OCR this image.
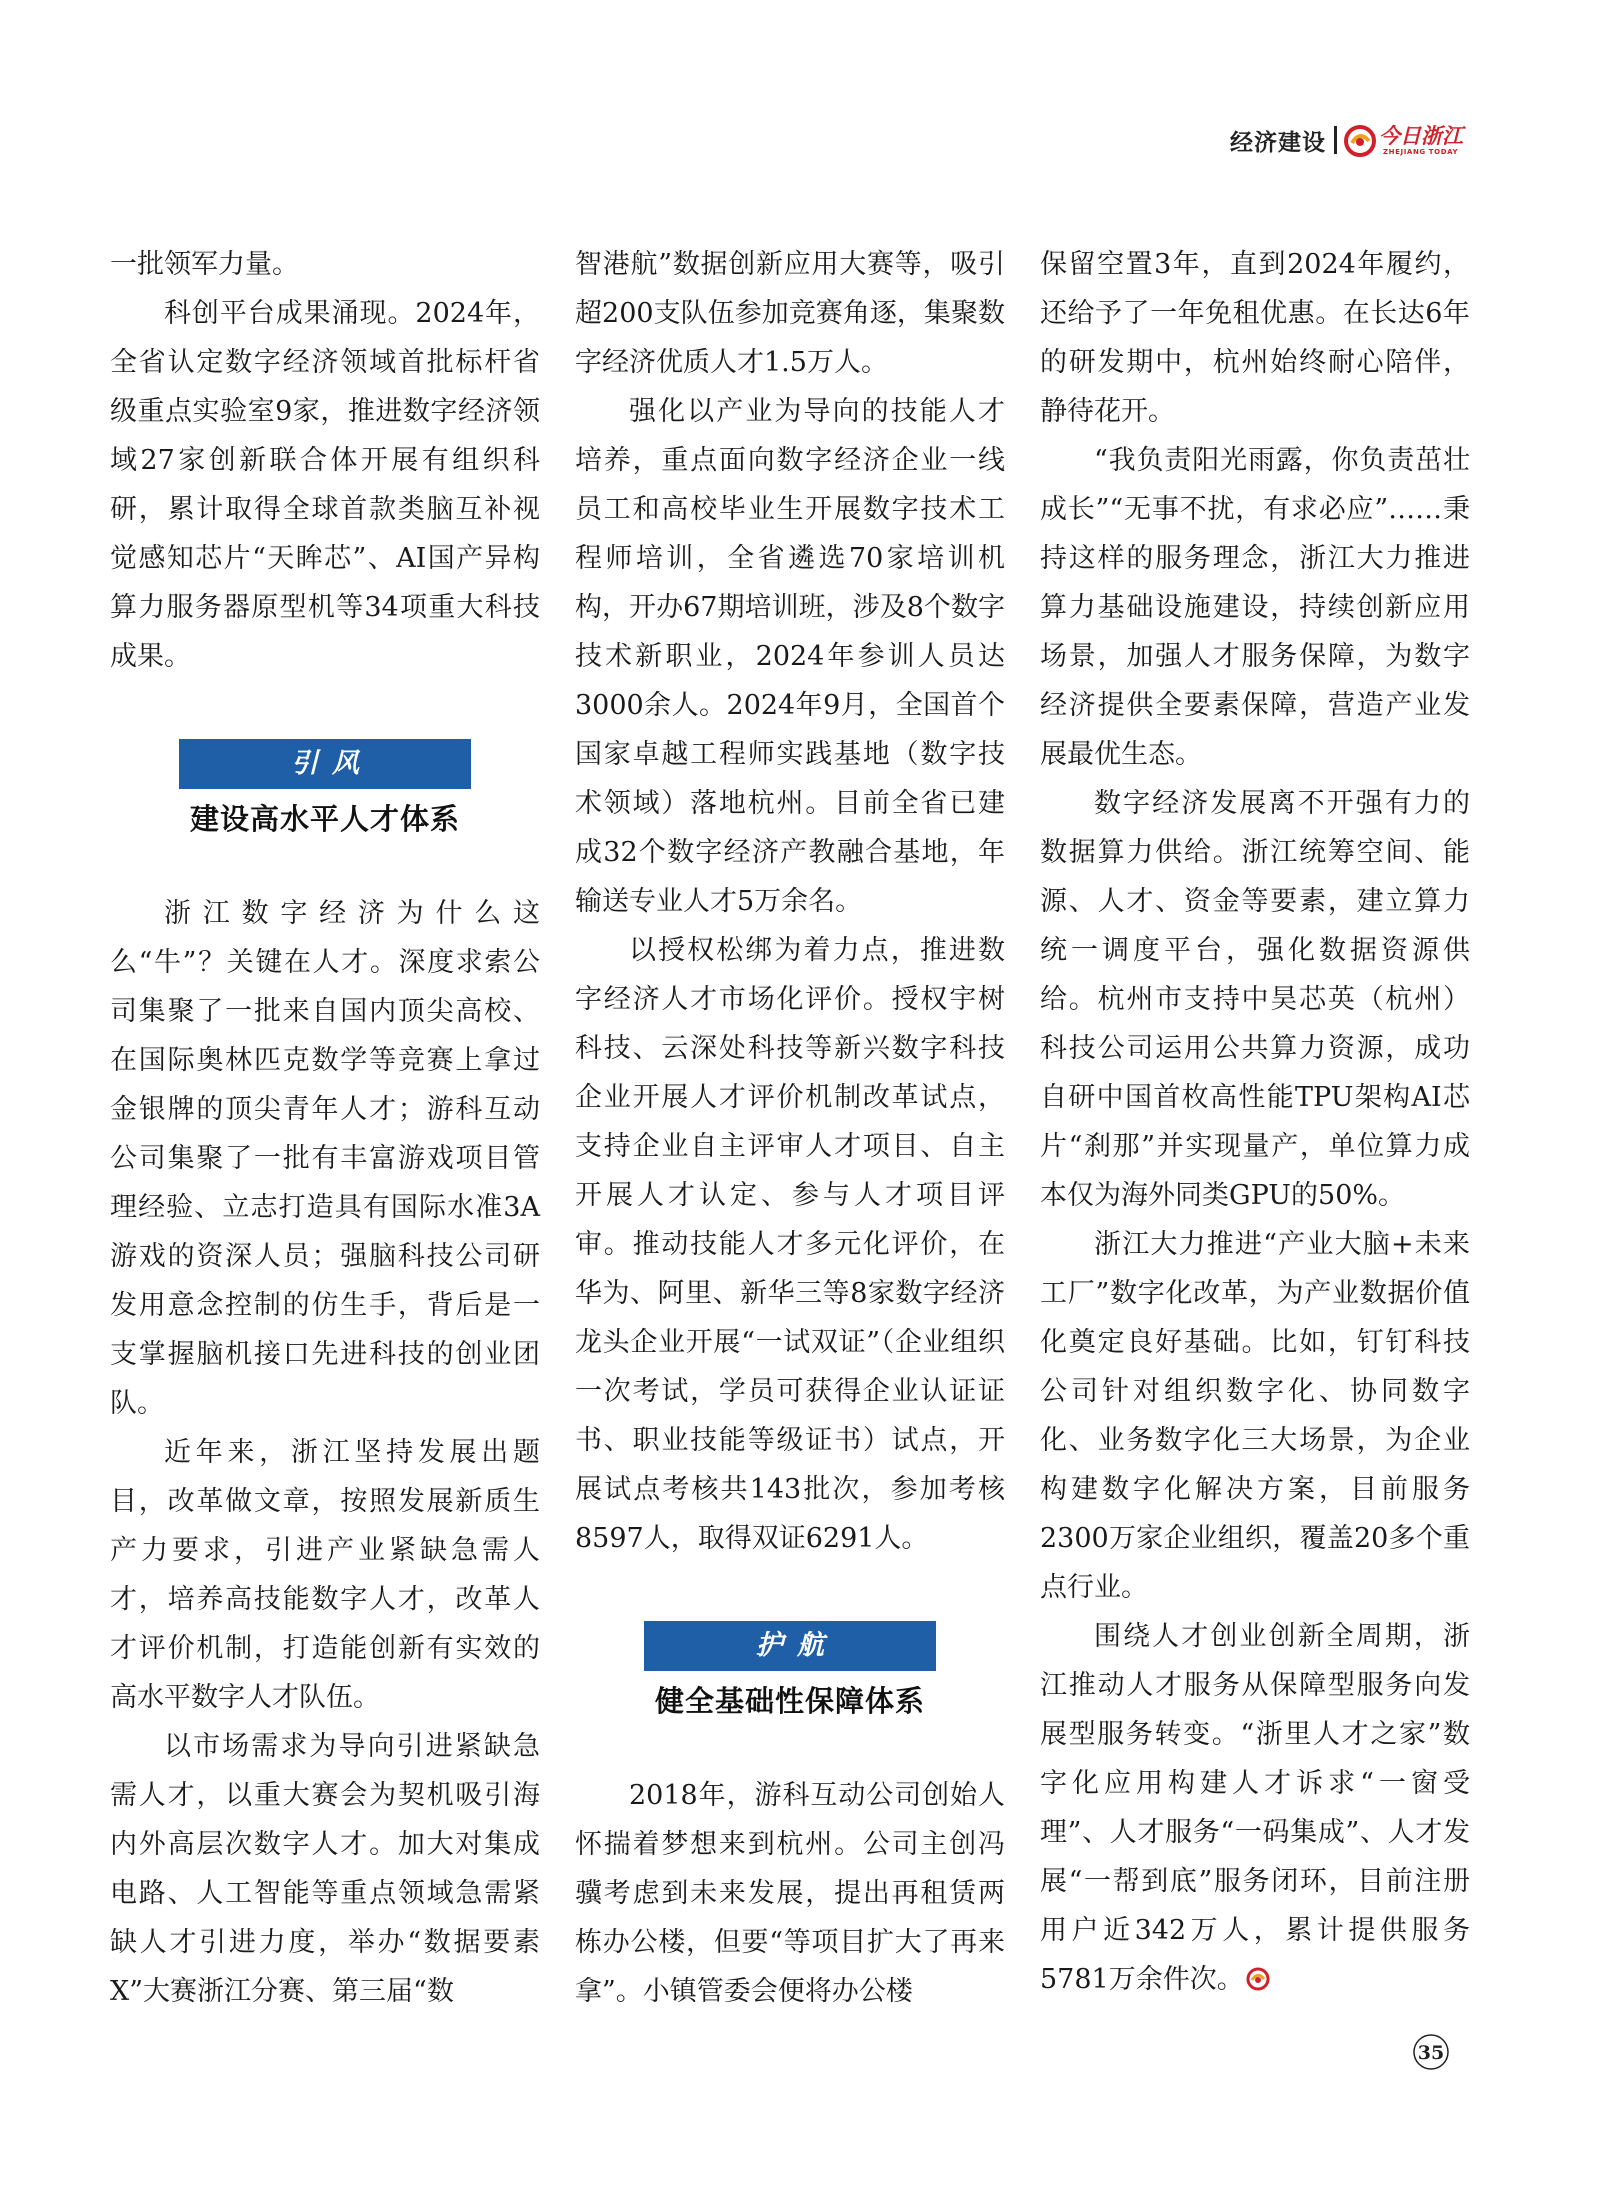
经济建设	今日浙江
ZHEJIANG TODAY

一批领军力量。

科创平台成果涌现。2024年，全省认定数字经济领域首批标杆省级重点实验室9家，推进数字经济领域27家创新联合体开展有组织科研，累计取得全球首款类脑互补视觉感知芯片“天眸芯”、AI国产异构算力服务器原型机等34项重大科技成果。

引风
建设高水平人才体系

浙江数字经济为什么这么“牛”？关键在人才。深度求索公司集聚了一批来自国内顶尖高校、在国际奥林匹克数学等竞赛上拿过金银牌的顶尖青年人才；游科互动公司集聚了一批有丰富游戏项目管理经验、立志打造具有国际水准3A游戏的资深人员；强脑科技公司研发用意念控制的仿生手，背后是一支掌握脑机接口先进科技的创业团队。

近年来，浙江坚持发展出题目，改革做文章，按照发展新质生产力要求，引进产业紧缺急需人才，培养高技能数字人才，改革人才评价机制，打造能创新有实效的高水平数字人才队伍。

以市场需求为导向引进紧缺急需人才，以重大赛会为契机吸引海内外高层次数字人才。加大对集成电路、人工智能等重点领域急需紧缺人才引进力度，举办“数据要素X”大赛浙江分赛、第三届“数

智港航”数据创新应用大赛等，吸引超200支队伍参加竞赛角逐，集聚数字经济优质人才1.5万人。

强化以产业为导向的技能人才培养，重点面向数字经济企业一线员工和高校毕业生开展数字技术工程师培训，全省遴选70家培训机构，开办67期培训班，涉及8个数字技术新职业，2024年参训人员达3000余人。2024年9月，全国首个国家卓越工程师实践基地（数字技术领域）落地杭州。目前全省已建成32个数字经济产教融合基地，年输送专业人才5万余名。

以授权松绑为着力点，推进数字经济人才市场化评价。授权宇树科技、云深处科技等新兴数字科技企业开展人才评价机制改革试点，支持企业自主评审人才项目、自主开展人才认定、参与人才项目评审。推动技能人才多元化评价，在华为、阿里、新华三等8家数字经济龙头企业开展“一试双证”（企业组织一次考试，学员可获得企业认证证书、职业技能等级证书）试点，开展试点考核共143批次，参加考核8597人，取得双证6291人。

护航
健全基础性保障体系

2018年，游科互动公司创始人怀揣着梦想来到杭州。公司主创冯骥考虑到未来发展，提出再租赁两栋办公楼，但要“等项目扩大了再来拿”。小镇管委会便将办公楼

保留空置3年，直到2024年履约，还给予了一年免租优惠。在长达6年的研发期中，杭州始终耐心陪伴，静待花开。

“我负责阳光雨露，你负责茁壮成长”“无事不扰，有求必应”……秉持这样的服务理念，浙江大力推进算力基础设施建设，持续创新应用场景，加强人才服务保障，为数字经济提供全要素保障，营造产业发展最优生态。

数字经济发展离不开强有力的数据算力供给。浙江统筹空间、能源、人才、资金等要素，建立算力统一调度平台，强化数据资源供给。杭州市支持中昊芯英（杭州）科技公司运用公共算力资源，成功自研中国首枚高性能TPU架构AI芯片“刹那”并实现量产，单位算力成本仅为海外同类GPU的50%。

浙江大力推进“产业大脑+未来工厂”数字化改革，为产业数据价值化奠定良好基础。比如，钉钉科技公司针对组织数字化、协同数字化、业务数字化三大场景，为企业构建数字化解决方案，目前服务2300万家企业组织，覆盖20多个重点行业。

围绕人才创业创新全周期，浙江推动人才服务从保障型服务向发展型服务转变。“浙里人才之家”数字化应用构建人才诉求“一窗受理”、人才服务“一码集成”、人才发展“一帮到底”服务闭环，目前注册用户近342万人，累计提供服务5781万余件次。

35
